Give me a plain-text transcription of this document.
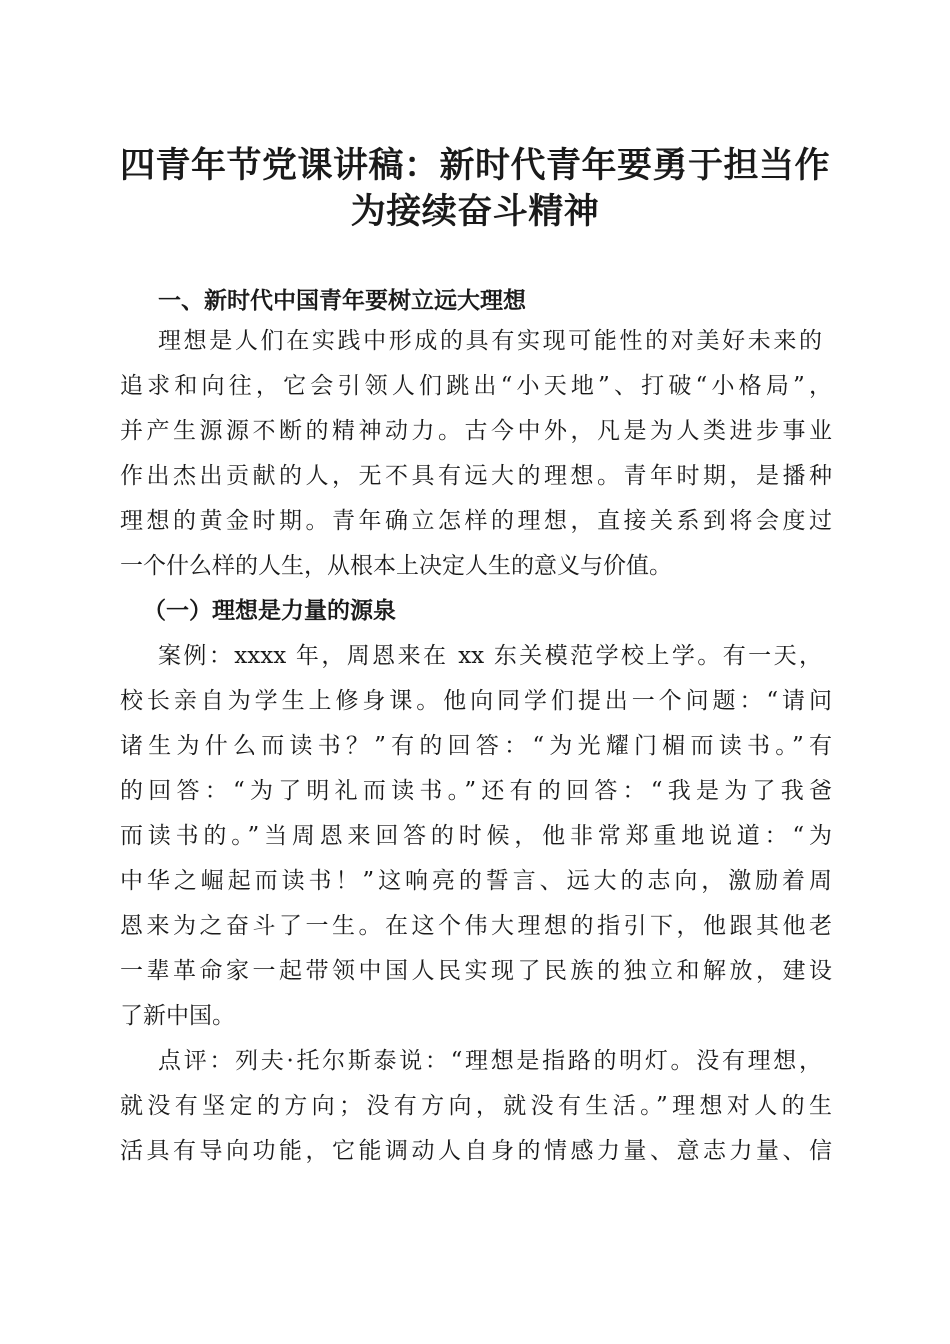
四青年节党课讲稿：新时代青年要勇于担当作
为接续奋斗精神
一、新时代中国青年要树立远大理想
理想是人们在实践中形成的具有实现可能性的对美好未来的
追求和向往，它会引领人们跳出“小天地”、打破“小格局”，
并产生源源不断的精神动力。古今中外，凡是为人类进步事业
作出杰出贡献的人，无不具有远大的理想。青年时期，是播种
理想的黄金时期。青年确立怎样的理想，直接关系到将会度过
一个什么样的人生，从根本上决定人生的意义与价值。
（一）理想是力量的源泉
案例：xxxx 年，周恩来在 xx 东关模范学校上学。有一天，
校长亲自为学生上修身课。他向同学们提出一个问题：“请问
诸生为什么而读书？”有的回答：“为光耀门楣而读书。”有
的回答：“为了明礼而读书。”还有的回答：“我是为了我爸
而读书的。”当周恩来回答的时候，他非常郑重地说道：“为
中华之崛起而读书！”这响亮的誓言、远大的志向，激励着周
恩来为之奋斗了一生。在这个伟大理想的指引下，他跟其他老
一辈革命家一起带领中国人民实现了民族的独立和解放，建设
了新中国。
点评：列夫·托尔斯泰说：“理想是指路的明灯。没有理想，
就没有坚定的方向；没有方向，就没有生活。”理想对人的生
活具有导向功能，它能调动人自身的情感力量、意志力量、信
